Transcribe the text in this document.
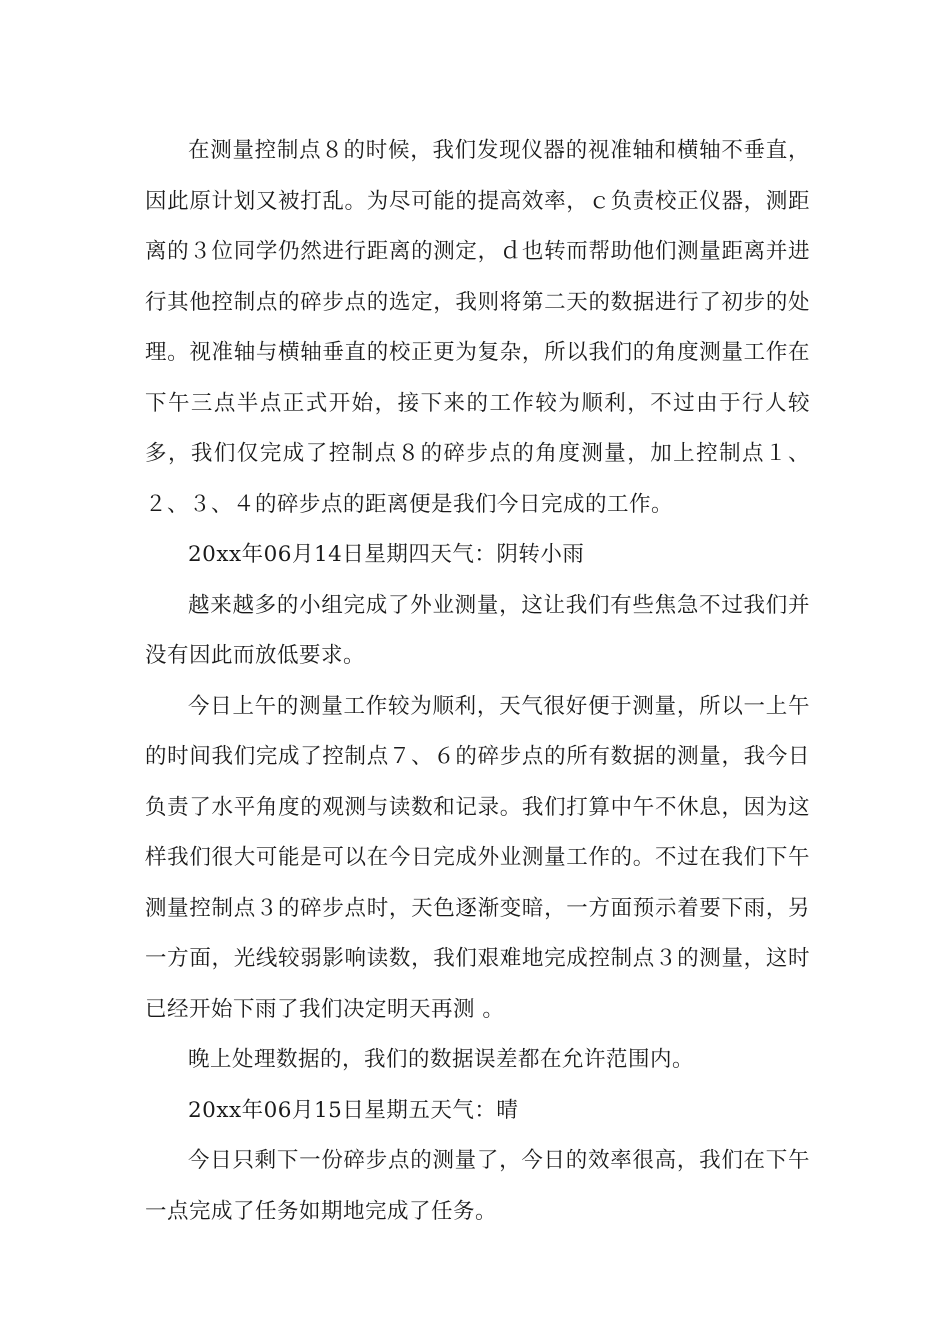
在测量控制点８的时候，我们发现仪器的视准轴和横轴不垂直，因此原计划又被打乱。为尽可能的提高效率，ｃ负责校正仪器，测距离的３位同学仍然进行距离的测定，ｄ也转而帮助他们测量距离并进行其他控制点的碎步点的选定，我则将第二天的数据进行了初步的处理。视准轴与横轴垂直的校正更为复杂，所以我们的角度测量工作在下午三点半点正式开始，接下来的工作较为顺利，不过由于行人较多，我们仅完成了控制点８的碎步点的角度测量，加上控制点１、２、３、４的碎步点的距离便是我们今日完成的工作。

20xx年06月14日星期四天气：阴转小雨

越来越多的小组完成了外业测量，这让我们有些焦急不过我们并没有因此而放低要求。

今日上午的测量工作较为顺利，天气很好便于测量，所以一上午的时间我们完成了控制点７、６的碎步点的所有数据的测量，我今日负责了水平角度的观测与读数和记录。我们打算中午不休息，因为这样我们很大可能是可以在今日完成外业测量工作的。不过在我们下午测量控制点３的碎步点时，天色逐渐变暗，一方面预示着要下雨，另一方面，光线较弱影响读数，我们艰难地完成控制点３的测量，这时已经开始下雨了我们决定明天再测 。

晚上处理数据的，我们的数据误差都在允许范围内。

20xx年06月15日星期五天气：晴

今日只剩下一份碎步点的测量了，今日的效率很高，我们在下午一点完成了任务如期地完成了任务。
